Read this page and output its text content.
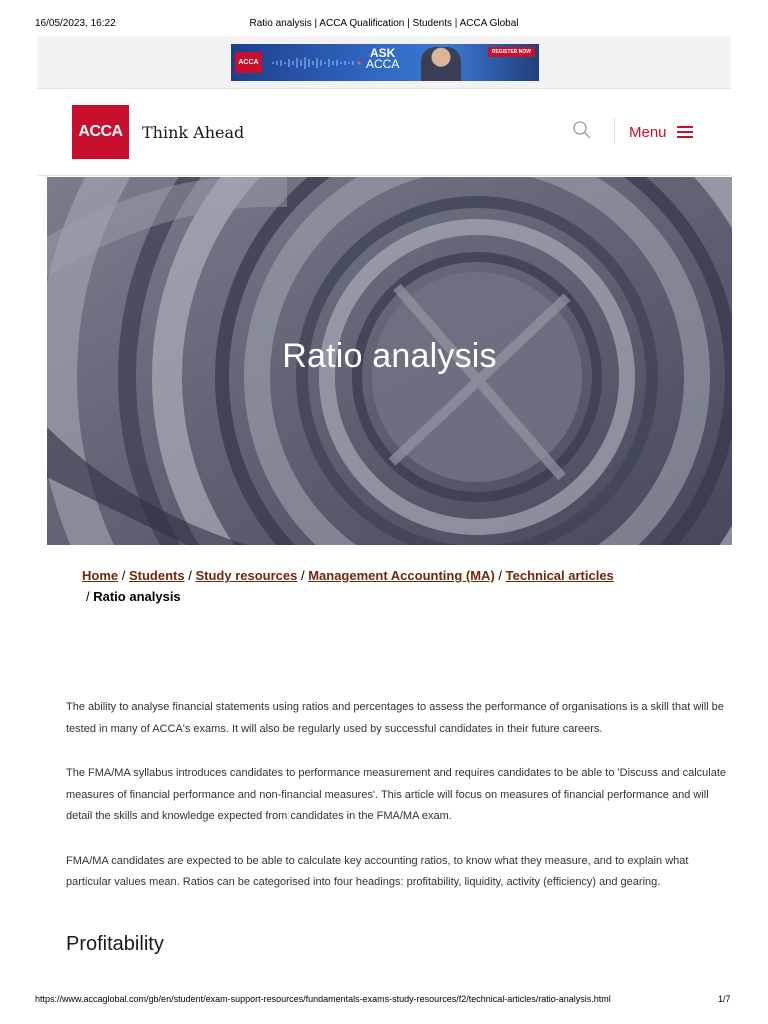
16/05/2023, 16:22	Ratio analysis | ACCA Qualification | Students | ACCA Global
ACCA
ASK
ACCA
REGISTER NOW
ACCA	Think Ahead	Menu
Ratio analysis
Home / Students / Study resources / Management Accounting (MA) / Technical articles
/ Ratio analysis

The ability to analyse financial statements using ratios and percentages to assess the performance of organisations is a skill that will be tested in many of ACCA's exams. It will also be regularly used by successful candidates in their future careers.

The FMA/MA syllabus introduces candidates to performance measurement and requires candidates to be able to 'Discuss and calculate measures of financial performance and non-financial measures'. This article will focus on measures of financial performance and will detail the skills and knowledge expected from candidates in the FMA/MA exam.

FMA/MA candidates are expected to be able to calculate key accounting ratios, to know what they measure, and to explain what particular values mean. Ratios can be categorised into four headings: profitability, liquidity, activity (efficiency) and gearing.

Profitability
https://www.accaglobal.com/gb/en/student/exam-support-resources/fundamentals-exams-study-resources/f2/technical-articles/ratio-analysis.html	1/7
